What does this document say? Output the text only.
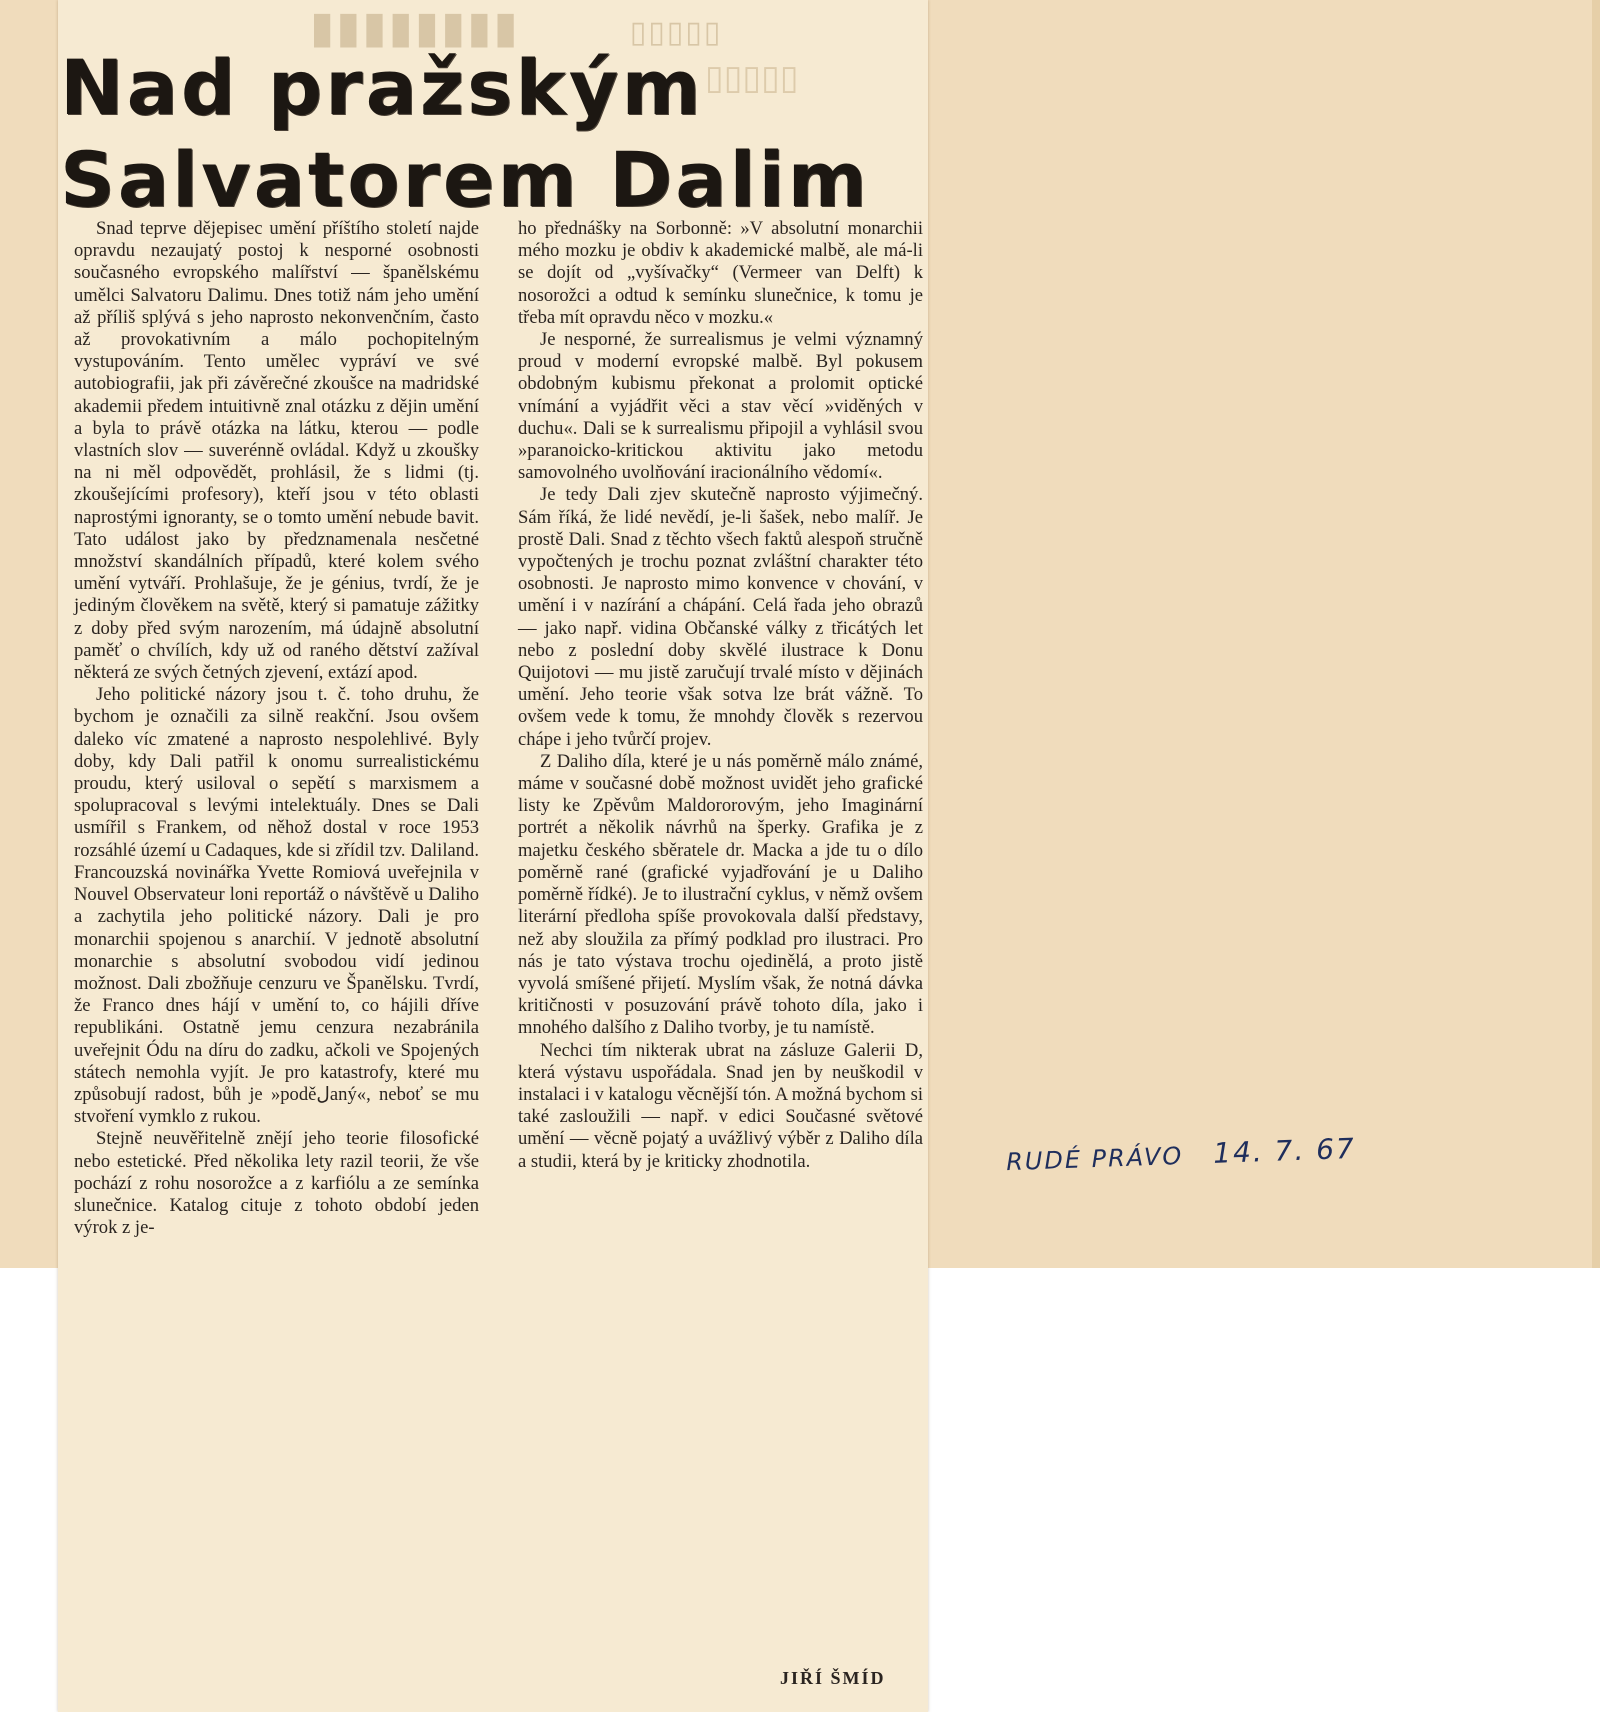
▮▮▮▮▮▮▮▮	▯▯▯▯▯
▯▯▯▯▯
Nad pražským
Salvatorem Dalim

Snad teprve dějepisec umění příštího století najde opravdu nezaujatý postoj k nesporné osobnosti současného evropského malířství — španělskému umělci Salvatoru Dalimu. Dnes totiž nám jeho umění až příliš splývá s jeho naprosto nekonvenčním, často až provokativním a málo pochopitelným vystupováním. Tento umělec vypráví ve své autobiografii, jak při závěrečné zkoušce na madridské akademii předem intuitivně znal otázku z dějin umění a byla to právě otázka na látku, kterou — podle vlastních slov — suverénně ovládal. Když u zkoušky na ni měl odpovědět, prohlásil, že s lidmi (tj. zkoušejícími profesory), kteří jsou v této oblasti naprostými ignoranty, se o tomto umění nebude bavit. Tato událost jako by předznamenala nesčetné množství skandálních případů, které kolem svého umění vytváří. Prohlašuje, že je génius, tvrdí, že je jediným člověkem na světě, který si pamatuje zážitky z doby před svým narozením, má údajně absolutní paměť o chvílích, kdy už od raného dětství zažíval některá ze svých četných zjevení, extází apod.

Jeho politické názory jsou t. č. toho druhu, že bychom je označili za silně reakční. Jsou ovšem daleko víc zmatené a naprosto nespolehlivé. Byly doby, kdy Dali patřil k onomu surrealistickému proudu, který usiloval o sepětí s marxismem a spolupracoval s levými intelektuály. Dnes se Dali usmířil s Frankem, od něhož dostal v roce 1953 rozsáhlé území u Cadaques, kde si zřídil tzv. Daliland. Francouzská novinářka Yvette Romiová uveřejnila v Nouvel Observateur loni reportáž o návštěvě u Daliho a zachytila jeho politické názory. Dali je pro monarchii spojenou s anarchií. V jednotě absolutní monarchie s absolutní svobodou vidí jedinou možnost. Dali zbožňuje cenzuru ve Španělsku. Tvrdí, že Franco dnes hájí v umění to, co hájili dříve republikáni. Ostatně jemu cenzura nezabránila uveřejnit Ódu na díru do zadku, ačkoli ve Spojených státech nemohla vyjít. Je pro katastrofy, které mu způsobují radost, bůh je »poděلaný«, neboť se mu stvoření vymklo z rukou.

Stejně neuvěřitelně znějí jeho teorie filosofické nebo estetické. Před několika lety razil teorii, že vše pochází z rohu nosorožce a z karfiólu a ze semínka slunečnice. Katalog cituje z tohoto období jeden výrok z je-

ho přednášky na Sorbonně: »V absolutní monarchii mého mozku je obdiv k akademické malbě, ale má-li se dojít od „vyšívačky“ (Vermeer van Delft) k nosorožci a odtud k semínku slunečnice, k tomu je třeba mít opravdu něco v mozku.«

Je nesporné, že surrealismus je velmi významný proud v moderní evropské malbě. Byl pokusem obdobným kubismu překonat a prolomit optické vnímání a vyjádřit věci a stav věcí »viděných v duchu«. Dali se k surrealismu připojil a vyhlásil svou »paranoicko-kritickou aktivitu jako metodu samovolného uvolňování iracionálního vědomí«.

Je tedy Dali zjev skutečně naprosto výjimečný. Sám říká, že lidé nevědí, je-li šašek, nebo malíř. Je prostě Dali. Snad z těchto všech faktů alespoň stručně vypočtených je trochu poznat zvláštní charakter této osobnosti. Je naprosto mimo konvence v chování, v umění i v nazírání a chápání. Celá řada jeho obrazů — jako např. vidina Občanské války z třicátých let nebo z poslední doby skvělé ilustrace k Donu Quijotovi — mu jistě zaručují trvalé místo v dějinách umění. Jeho teorie však sotva lze brát vážně. To ovšem vede k tomu, že mnohdy člověk s rezervou chápe i jeho tvůrčí projev.

Z Daliho díla, které je u nás poměrně málo známé, máme v současné době možnost uvidět jeho grafické listy ke Zpěvům Maldororovým, jeho Imaginární portrét a několik návrhů na šperky. Grafika je z majetku českého sběratele dr. Macka a jde tu o dílo poměrně rané (grafické vyjadřování je u Daliho poměrně řídké). Je to ilustrační cyklus, v němž ovšem literární předloha spíše provokovala další představy, než aby sloužila za přímý podklad pro ilustraci. Pro nás je tato výstava trochu ojedinělá, a proto jistě vyvolá smíšené přijetí. Myslím však, že notná dávka kritičnosti v posuzování právě tohoto díla, jako i mnohého dalšího z Daliho tvorby, je tu namístě.

Nechci tím nikterak ubrat na zásluze Galerii D, která výstavu uspořádala. Snad jen by neuškodil v instalaci i v katalogu věcnější tón. A možná bychom si také zasloužili — např. v edici Současné světové umění — věcně pojatý a uvážlivý výběr z Daliho díla a studii, která by je kriticky zhodnotila.

JIŘÍ ŠMÍD

RUDÉ PRÁVO 14. 7. 67
